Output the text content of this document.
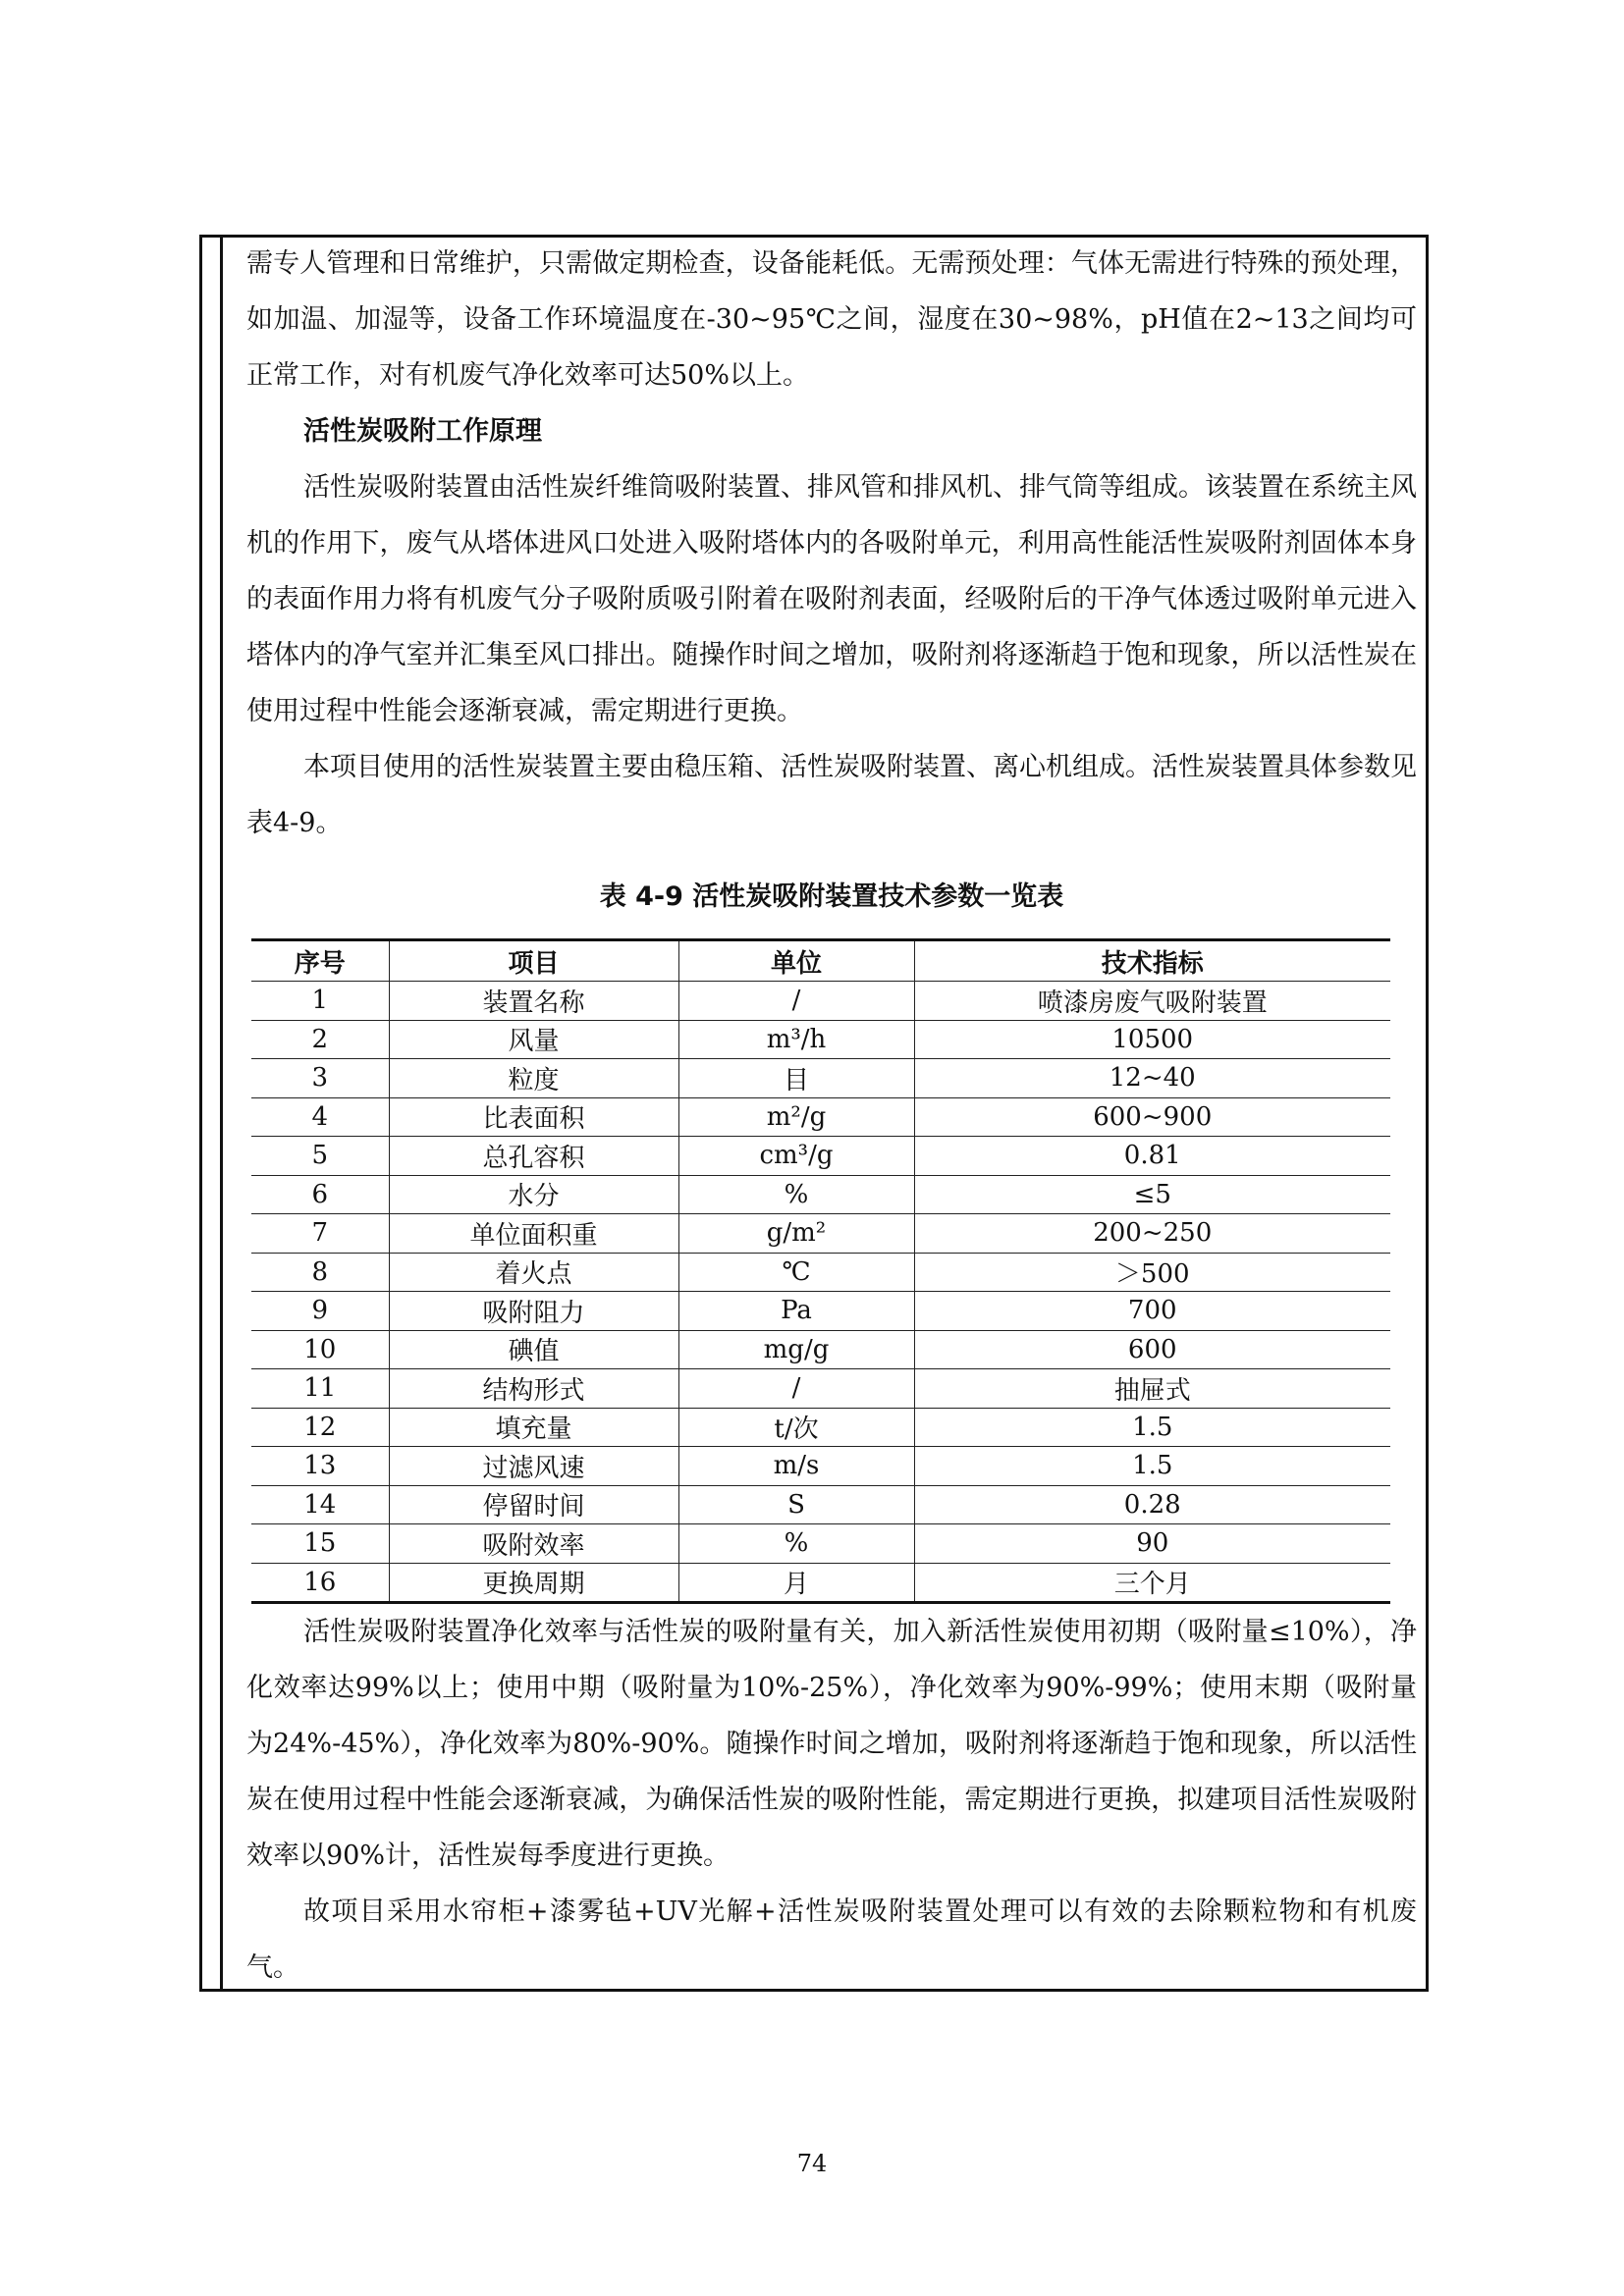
需专人管理和日常维护，只需做定期检查，设备能耗低。无需预处理：气体无需进行特殊的预处理，如加温、加湿等，设备工作环境温度在-30~95℃之间，湿度在30~98%，pH值在2~13之间均可正常工作，对有机废气净化效率可达50%以上。

活性炭吸附工作原理

活性炭吸附装置由活性炭纤维筒吸附装置、排风管和排风机、排气筒等组成。该装置在系统主风机的作用下，废气从塔体进风口处进入吸附塔体内的各吸附单元，利用高性能活性炭吸附剂固体本身的表面作用力将有机废气分子吸附质吸引附着在吸附剂表面，经吸附后的干净气体透过吸附单元进入塔体内的净气室并汇集至风口排出。随操作时间之增加，吸附剂将逐渐趋于饱和现象，所以活性炭在使用过程中性能会逐渐衰减，需定期进行更换。

本项目使用的活性炭装置主要由稳压箱、活性炭吸附装置、离心机组成。活性炭装置具体参数见表4-9。

表 4-9 活性炭吸附装置技术参数一览表
序号	项目	单位	技术指标
1	装置名称	/	喷漆房废气吸附装置
2	风量	m³/h	10500
3	粒度	目	12~40
4	比表面积	m²/g	600~900
5	总孔容积	cm³/g	0.81
6	水分	%	≤5
7	单位面积重	g/m²	200~250
8	着火点	℃	＞500
9	吸附阻力	Pa	700
10	碘值	mg/g	600
11	结构形式	/	抽屉式
12	填充量	t/次	1.5
13	过滤风速	m/s	1.5
14	停留时间	S	0.28
15	吸附效率	%	90
16	更换周期	月	三个月

活性炭吸附装置净化效率与活性炭的吸附量有关，加入新活性炭使用初期（吸附量≤10%），净化效率达99%以上；使用中期（吸附量为10%-25%），净化效率为90%-99%；使用末期（吸附量为24%-45%），净化效率为80%-90%。随操作时间之增加，吸附剂将逐渐趋于饱和现象，所以活性炭在使用过程中性能会逐渐衰减，为确保活性炭的吸附性能，需定期进行更换，拟建项目活性炭吸附效率以90%计，活性炭每季度进行更换。

故项目采用水帘柜+漆雾毡+UV光解+活性炭吸附装置处理可以有效的去除颗粒物和有机废气。

74
